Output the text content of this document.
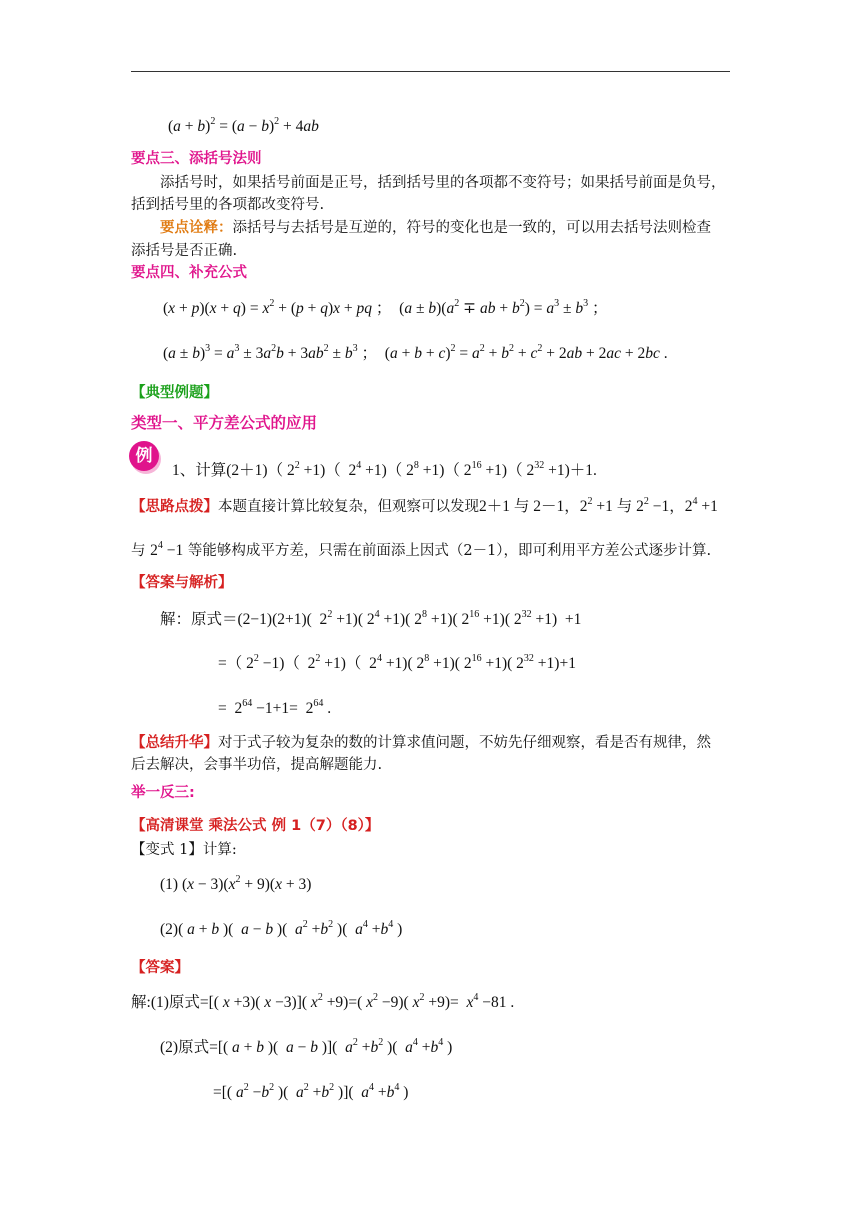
$(a + b)^2 = (a - b)^2 + 4ab$
要点三、添括号法则
添括号时，如果括号前面是正号，括到括号里的各项都不变符号；如果括号前面是负号，
括到括号里的各项都改变符号.
要点诠释：添括号与去括号是互逆的，符号的变化也是一致的，可以用去括号法则检查
添括号是否正确.
要点四、补充公式
$(x + p)(x + q) = x^2 + (p + q)x$ + pq ；  $(a \pm b)(a^2$ ∓ ab + $b^2) = a^3 \pm b^3$ ；
$(a \pm b)^3 = a^3 \pm 3a^2b + 3ab^2 \pm b^3$ ；  $(a + b + c)^2 = a^2 + b^2 + c^2 + 2ab + 2ac + 2bc$ .
【典型例题】
类型一、平方差公式的应用
例
1、计算(2＋1)（ $2^2 +1$)（  $2^4 +1$)（ $2^8 +1$)（ $2^{16} +1$)（ $2^{32} +1)+1$.
【思路点拨】本题直接计算比较复杂，但观察可以发现2＋1 与 2－1，$2^2 +1$ 与 $2^2 -1$，$2^4 +1$
与 $2^4 -1$ 等能够构成平方差，只需在前面添上因式（2－1），即可利用平方差公式逐步计算.
【答案与解析】
解：原式＝(2−1)(2+1)(  $2^2 +1$)( $2^4 +1$)( $2^8 +1$)( $2^{16} +1$)( $2^{32} +1) +1$
=（ $2^2 -1$)（  $2^2 +1$)（  $2^4 +1$)( $2^8 +1$)( $2^{16} +1$)( $2^{32} +1)+1$
=  $2^{64} -1+1= 2^{64}$ .
【总结升华】对于式子较为复杂的数的计算求值问题，不妨先仔细观察，看是否有规律，然
后去解决，会事半功倍，提高解题能力.
举一反三:
【高清课堂 乘法公式 例 1（7）（8）】
【变式 1】计算:
(1) $(x - 3)(x^2 + 9)(x + 3)$
(2)( a + b )(  a − b )(  $a^2 +b^2$ )(  $a^4 +b^4$ )
【答案】
解:(1)原式=[( x +3)( x −3)]( $x^2 +9)=$( $x^2 -9$)( $x^2 +9)= x^4 -81$ .
(2)原式=[( a + b )(  a − b )](  $a^2 +b^2$ )(  $a^4 +b^4$ )
=[( $a^2 -b^2$ )(  $a^2 +b^2$ )](  $a^4 +b^4$ )
